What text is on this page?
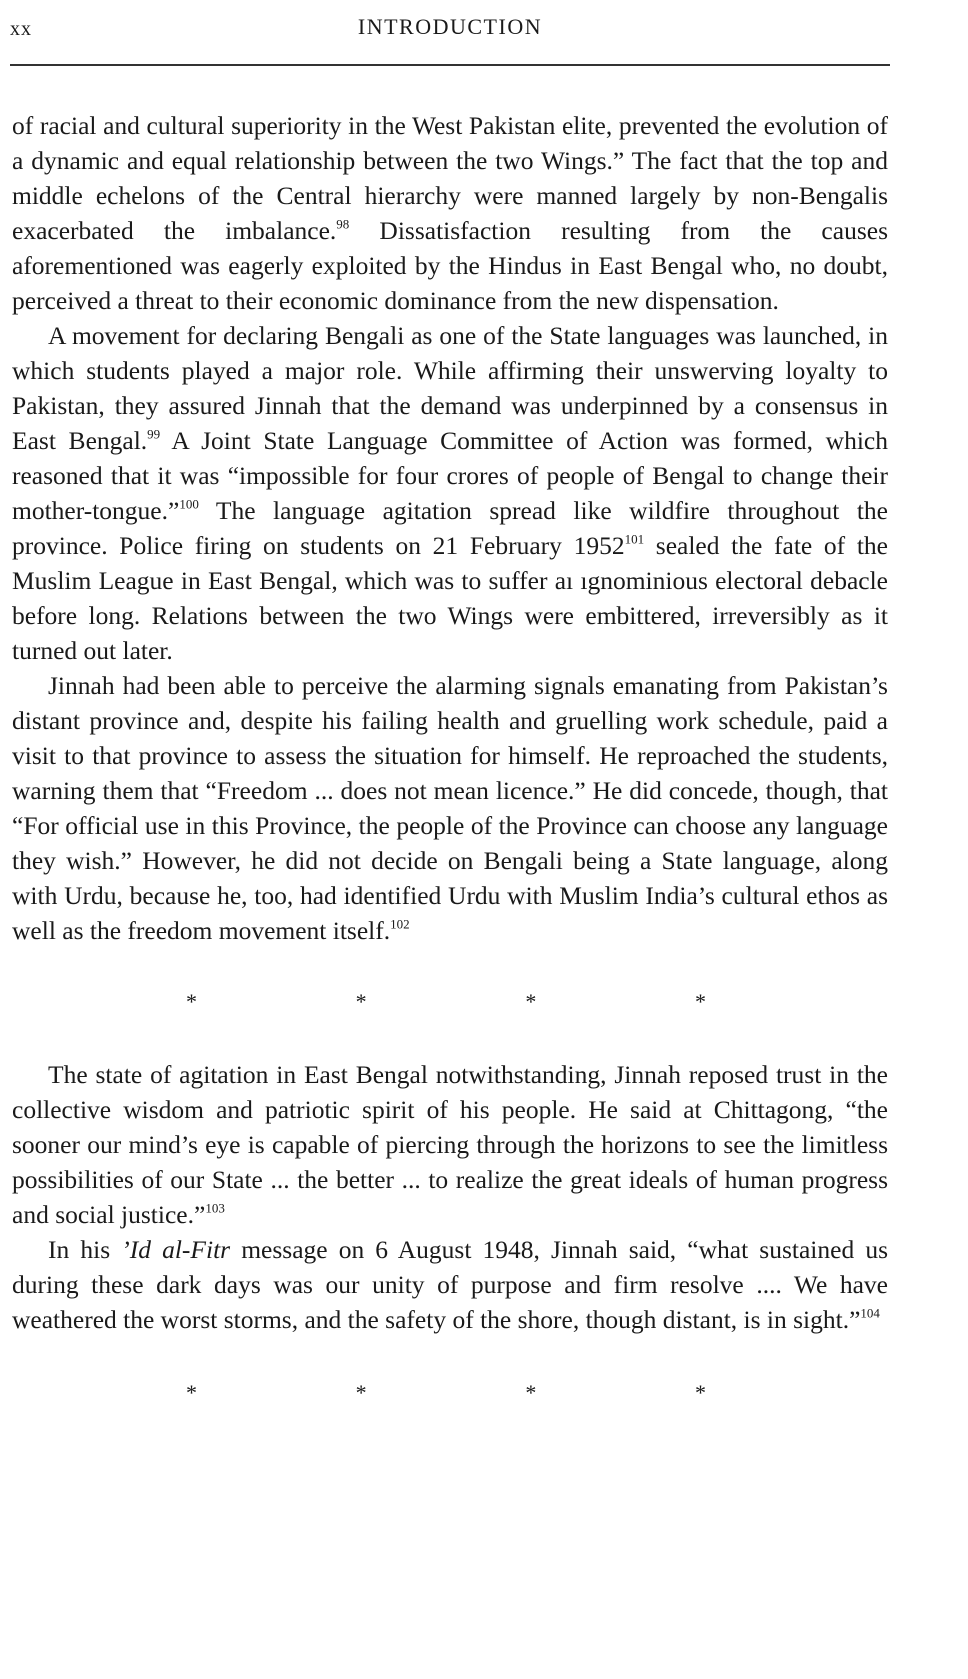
xx	INTRODUCTION

of racial and cultural superiority in the West Pakistan elite, prevented the evolution of a dynamic and equal relationship between the two Wings.” The fact that the top and middle echelons of the Central hierarchy were manned largely by non-Bengalis exacerbated the imbalance.$^{98}$ Dissatisfaction resulting from the causes aforementioned was eagerly exploited by the Hindus in East Bengal who, no doubt, perceived a threat to their economic dominance from the new dispensation.

A movement for declaring Bengali as one of the State languages was launched, in which students played a major role. While affirming their unswerving loyalty to Pakistan, they assured Jinnah that the demand was underpinned by a consensus in East Bengal.$^{99}$ A Joint State Language Committee of Action was formed, which reasoned that it was “impossible for four crores of people of Bengal to change their mother-tongue.”$^{100}$ The language agitation spread like wildfire throughout the province. Police firing on students on 21 February 1952$^{101}$ sealed the fate of the Muslim League in East Bengal, which was to suffer aı ıgnominious electoral debacle before long. Relations between the two Wings were embittered, irreversibly as it turned out later.

Jinnah had been able to perceive the alarming signals emanating from Pakistan’s distant province and, despite his failing health and gruelling work schedule, paid a visit to that province to assess the situation for himself. He reproached the students, warning them that “Freedom ... does not mean licence.” He did concede, though, that “For official use in this Province, the people of the Province can choose any language they wish.” However, he did not decide on Bengali being a State language, along with Urdu, because he, too, had identified Urdu with Muslim India’s cultural ethos as well as the freedom movement itself.$^{102}$

*	*	*	*

The state of agitation in East Bengal notwithstanding, Jinnah reposed trust in the collective wisdom and patriotic spirit of his people. He said at Chittagong, “the sooner our mind’s eye is capable of piercing through the horizons to see the limitless possibilities of our State ... the better ... to realize the great ideals of human progress and social justice.”$^{103}$

In his ’Id al-Fitr message on 6 August 1948, Jinnah said, “what sustained us during these dark days was our unity of purpose and firm resolve .... We have weathered the worst storms, and the safety of the shore, though distant, is in sight.”$^{104}$

*	*	*	*
